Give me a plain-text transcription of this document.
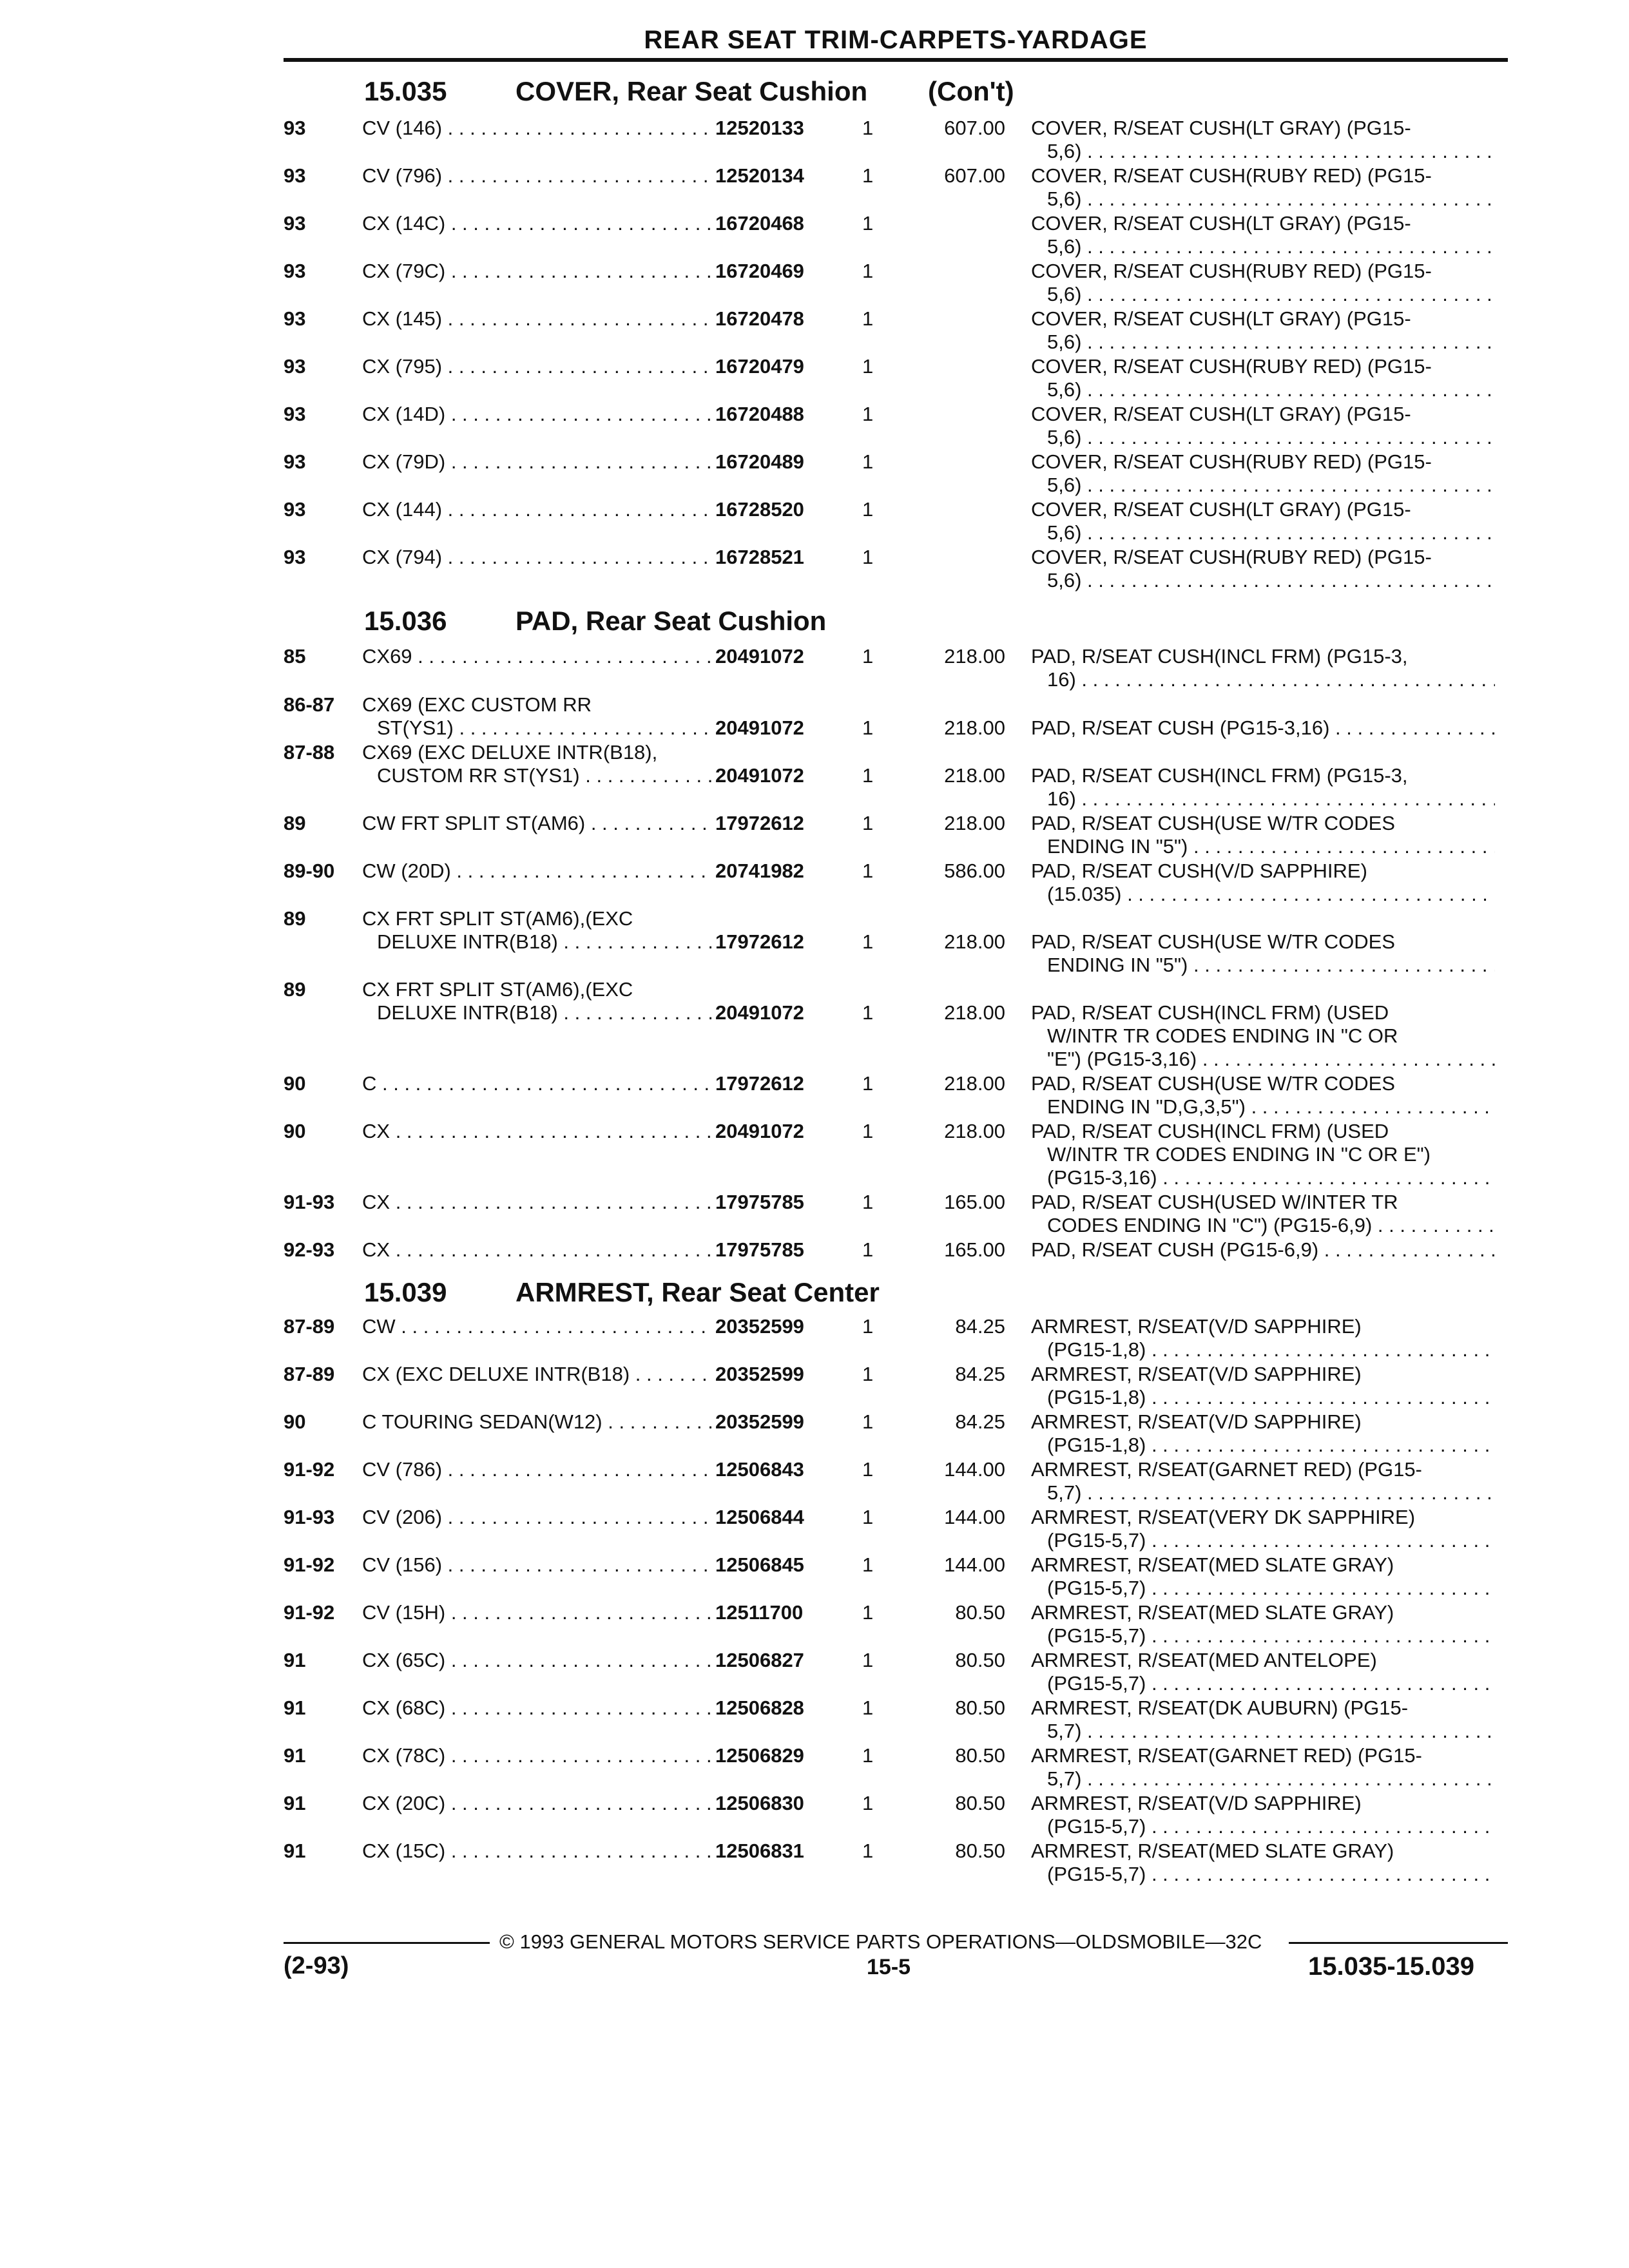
REAR SEAT TRIM-CARPETS-YARDAGE
15.035	COVER, Rear Seat Cushion (Con't)
15.036	PAD, Rear Seat Cushion
15.039	ARMREST, Rear Seat Center
93	CV (146) . . .	12520133	1	607.00 COVER, R/SEAT CUSH(LT GRAY) (PG15-
5,6) . . .
93	CV (796) . . .	12520134	1	607.00 COVER, R/SEAT CUSH(RUBY RED) (PG15-
5,6) . . .
93	CX (14C) . . .	16720468	1	COVER, R/SEAT CUSH(LT GRAY) (PG15-
5,6) . . .
93	CX (79C) . . .	16720469	1	COVER, R/SEAT CUSH(RUBY RED) (PG15-
5,6) . . .
93	CX (145) . . .	16720478	1	COVER, R/SEAT CUSH(LT GRAY) (PG15-
5,6) . . .
93	CX (795) . . .	16720479	1	COVER, R/SEAT CUSH(RUBY RED) (PG15-
5,6) . . .
93	CX (14D) . . .	16720488	1	COVER, R/SEAT CUSH(LT GRAY) (PG15-
5,6) . . .
93	CX (79D) . . .	16720489	1	COVER, R/SEAT CUSH(RUBY RED) (PG15-
5,6) . . .
93	CX (144) . . .	16728520	1	COVER, R/SEAT CUSH(LT GRAY) (PG15-
5,6) . . .
93	CX (794) . . .	16728521	1	COVER, R/SEAT CUSH(RUBY RED) (PG15-
5,6) . . .
85	CX69 . . .	20491072	1	218.00 PAD, R/SEAT CUSH(INCL FRM) (PG15-3,
16) . . .
86-87 CX69 (EXC CUSTOM RR
ST(YS1) . . .	20491072	1	218.00 PAD, R/SEAT CUSH (PG15-3,16) . . .
87-88 CX69 (EXC DELUXE INTR(B18),
CUSTOM RR ST(YS1) . . .	20491072	1	218.00 PAD, R/SEAT CUSH(INCL FRM) (PG15-3,
16) . . .
89	CW FRT SPLIT ST(AM6) . . .	17972612	1	218.00 PAD, R/SEAT CUSH(USE W/TR CODES
ENDING IN "5") . . .
89-90 CW (20D) . . .	20741982	1	586.00 PAD, R/SEAT CUSH(V/D SAPPHIRE)
(15.035) . . .
89	CX FRT SPLIT ST(AM6),(EXC
DELUXE INTR(B18) . . .	17972612	1	218.00 PAD, R/SEAT CUSH(USE W/TR CODES
ENDING IN "5") . . .
89	CX FRT SPLIT ST(AM6),(EXC
DELUXE INTR(B18) . . .	20491072	1	218.00 PAD, R/SEAT CUSH(INCL FRM) (USED
W/INTR TR CODES ENDING IN "C OR
"E") (PG15-3,16) . . .
90	C . . .	17972612	1	218.00 PAD, R/SEAT CUSH(USE W/TR CODES
ENDING IN "D,G,3,5") . . .
90	CX . . .	20491072	1	218.00 PAD, R/SEAT CUSH(INCL FRM) (USED
W/INTR TR CODES ENDING IN "C OR E")
(PG15-3,16) . . .
91-93 CX . . .	17975785	1	165.00 PAD, R/SEAT CUSH(USED W/INTER TR
CODES ENDING IN "C") (PG15-6,9) . . .
92-93 CX . . .	17975785	1	165.00 PAD, R/SEAT CUSH (PG15-6,9) . . .
87-89 CW . . .	20352599	1	84.25 ARMREST, R/SEAT(V/D SAPPHIRE)
(PG15-1,8) . . .
87-89 CX (EXC DELUXE INTR(B18) . . .	20352599	1	84.25 ARMREST, R/SEAT(V/D SAPPHIRE)
(PG15-1,8) . . .
90	C TOURING SEDAN(W12) . . .	20352599	1	84.25 ARMREST, R/SEAT(V/D SAPPHIRE)
(PG15-1,8) . . .
91-92 CV (786) . . .	12506843	1	144.00 ARMREST, R/SEAT(GARNET RED) (PG15-
5,7) . . .
91-93 CV (206) . . .	12506844	1	144.00 ARMREST, R/SEAT(VERY DK SAPPHIRE)
(PG15-5,7) . . .
91-92 CV (156) . . .	12506845	1	144.00 ARMREST, R/SEAT(MED SLATE GRAY)
(PG15-5,7) . . .
91-92 CV (15H) . . .	12511700	1	80.50 ARMREST, R/SEAT(MED SLATE GRAY)
(PG15-5,7) . . .
91	CX (65C) . . .	12506827	1	80.50 ARMREST, R/SEAT(MED ANTELOPE)
(PG15-5,7) . . .
91	CX (68C) . . .	12506828	1	80.50 ARMREST, R/SEAT(DK AUBURN) (PG15-
5,7) . . .
91	CX (78C) . . .	12506829	1	80.50 ARMREST, R/SEAT(GARNET RED) (PG15-
5,7) . . .
91	CX (20C) . . .	12506830	1	80.50 ARMREST, R/SEAT(V/D SAPPHIRE)
(PG15-5,7) . . .
91	CX (15C) . . .	12506831	1	80.50 ARMREST, R/SEAT(MED SLATE GRAY)
(PG15-5,7) . . .
© 1993 GENERAL MOTORS SERVICE PARTS OPERATIONS—OLDSMOBILE—32C
(2-93)	15-5	15.035-15.039
